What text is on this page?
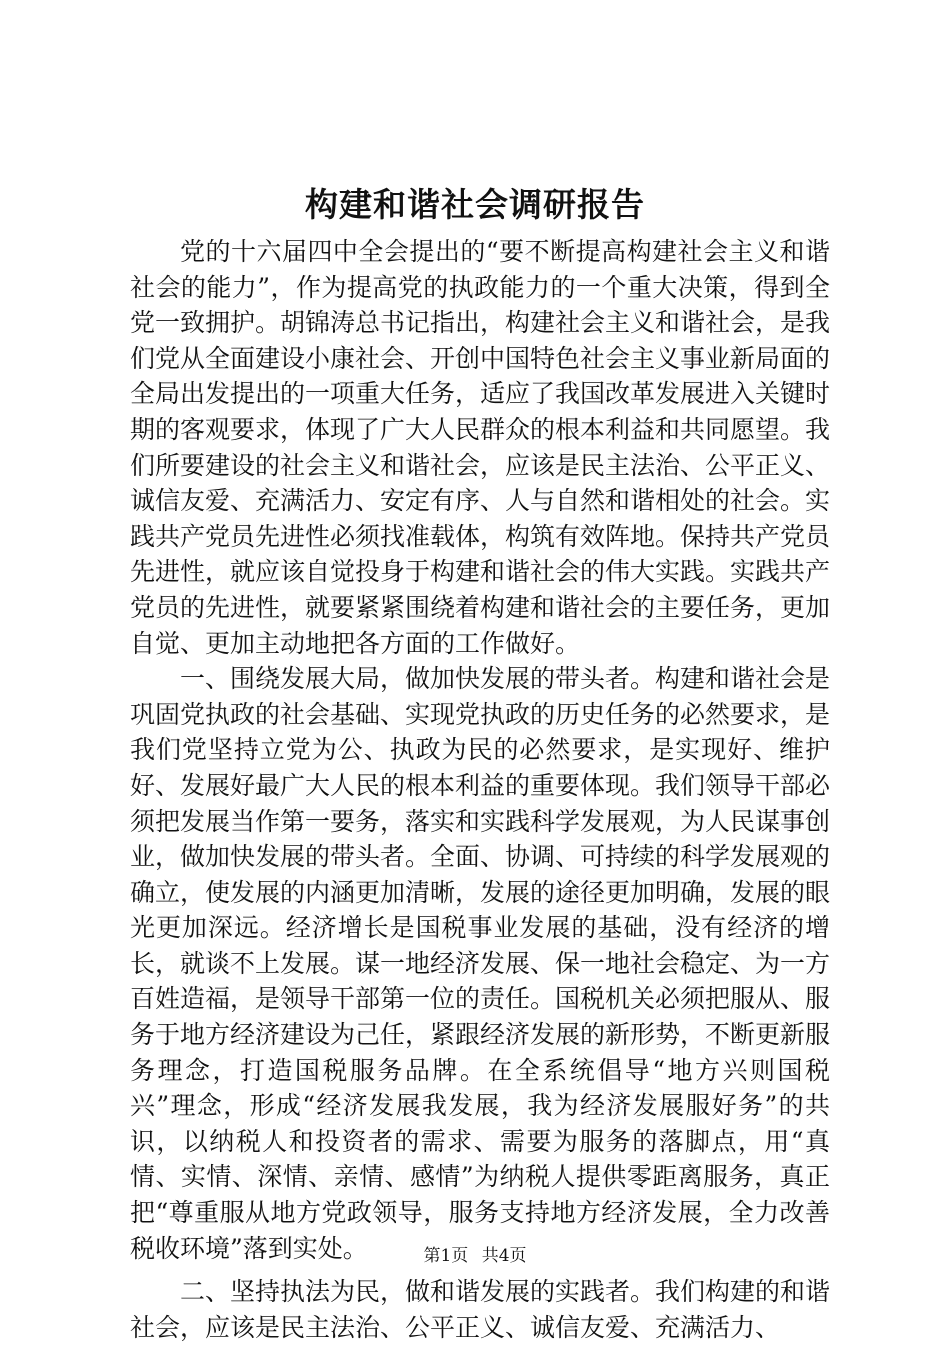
构建和谐社会调研报告

党的十六届四中全会提出的“要不断提高构建社会主义和谐社会的能力”，作为提高党的执政能力的一个重大决策，得到全党一致拥护。胡锦涛总书记指出，构建社会主义和谐社会，是我们党从全面建设小康社会、开创中国特色社会主义事业新局面的全局出发提出的一项重大任务，适应了我国改革发展进入关键时期的客观要求，体现了广大人民群众的根本利益和共同愿望。我们所要建设的社会主义和谐社会，应该是民主法治、公平正义、诚信友爱、充满活力、安定有序、人与自然和谐相处的社会。实践共产党员先进性必须找准载体，构筑有效阵地。保持共产党员先进性，就应该自觉投身于构建和谐社会的伟大实践。实践共产党员的先进性，就要紧紧围绕着构建和谐社会的主要任务，更加自觉、更加主动地把各方面的工作做好。

一、围绕发展大局，做加快发展的带头者。构建和谐社会是巩固党执政的社会基础、实现党执政的历史任务的必然要求，是我们党坚持立党为公、执政为民的必然要求，是实现好、维护好、发展好最广大人民的根本利益的重要体现。我们领导干部必须把发展当作第一要务，落实和实践科学发展观，为人民谋事创业，做加快发展的带头者。全面、协调、可持续的科学发展观的确立，使发展的内涵更加清晰，发展的途径更加明确，发展的眼光更加深远。经济增长是国税事业发展的基础，没有经济的增长，就谈不上发展。谋一地经济发展、保一地社会稳定、为一方百姓造福，是领导干部第一位的责任。国税机关必须把服从、服务于地方经济建设为己任，紧跟经济发展的新形势，不断更新服务理念，打造国税服务品牌。在全系统倡导“地方兴则国税兴”理念，形成“经济发展我发展，我为经济发展服好务”的共识，以纳税人和投资者的需求、需要为服务的落脚点，用“真情、实情、深情、亲情、感情”为纳税人提供零距离服务，真正把“尊重服从地方党政领导，服务支持地方经济发展，全力改善税收环境”落到实处。

二、坚持执法为民，做和谐发展的实践者。我们构建的和谐社会，应该是民主法治、公平正义、诚信友爱、充满活力、

第1页 共4页
